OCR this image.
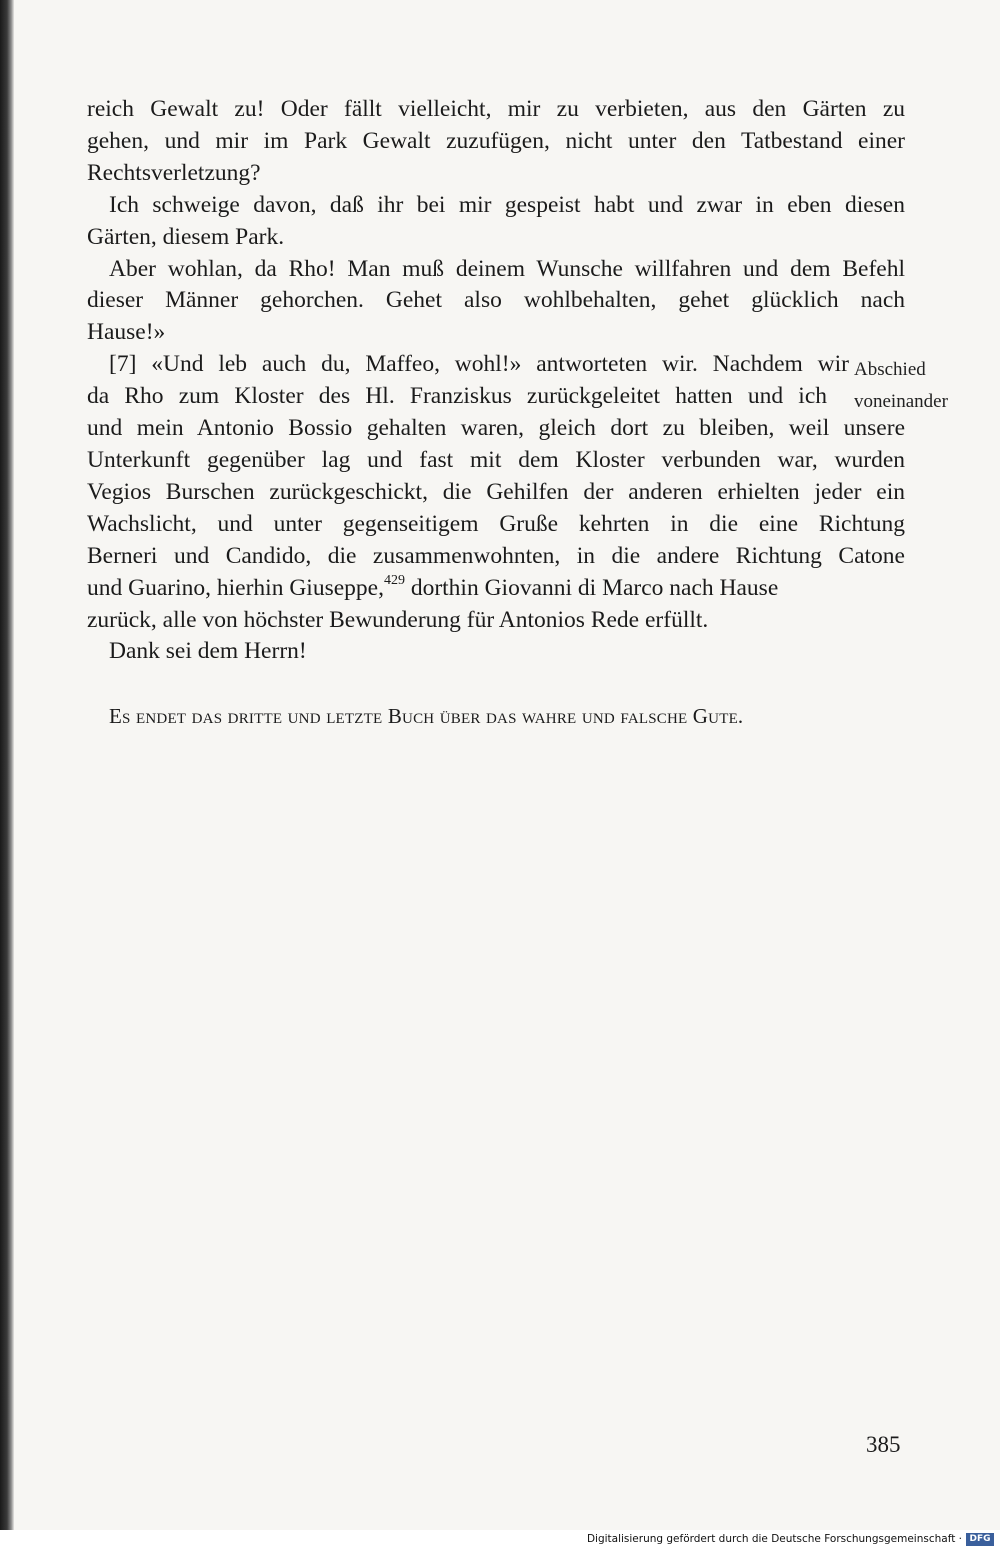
reich Gewalt zu! Oder fällt vielleicht, mir zu verbieten, aus den Gärten zu
gehen, und mir im Park Gewalt zuzufügen, nicht unter den Tatbestand einer
Rechtsverletzung?
Ich schweige davon, daß ihr bei mir gespeist habt und zwar in eben diesen
Gärten, diesem Park.
Aber wohlan, da Rho! Man muß deinem Wunsche willfahren und dem Befehl
dieser Männer gehorchen. Gehet also wohlbehalten, gehet glücklich nach
Hause!»
[7] «Und leb auch du, Maffeo, wohl!» antworteten wir. Nachdem wir
da Rho zum Kloster des Hl. Franziskus zurückgeleitet hatten und ich
und mein Antonio Bossio gehalten waren, gleich dort zu bleiben, weil unsere
Unterkunft gegenüber lag und fast mit dem Kloster verbunden war, wurden
Vegios Burschen zurückgeschickt, die Gehilfen der anderen erhielten jeder ein
Wachslicht, und unter gegenseitigem Gruße kehrten in die eine Richtung
Berneri und Candido, die zusammenwohnten, in die andere Richtung Catone
und Guarino, hierhin Giuseppe,$^{429}$ dorthin Giovanni di Marco nach Hause
zurück, alle von höchster Bewunderung für Antonios Rede erfüllt.
Dank sei dem Herrn!
Abschied
voneinander
Es endet das dritte und letzte Buch über das wahre und falsche Gute.
385
Digitalisierung gefördert durch die Deutsche Forschungsgemeinschaft · DFG
